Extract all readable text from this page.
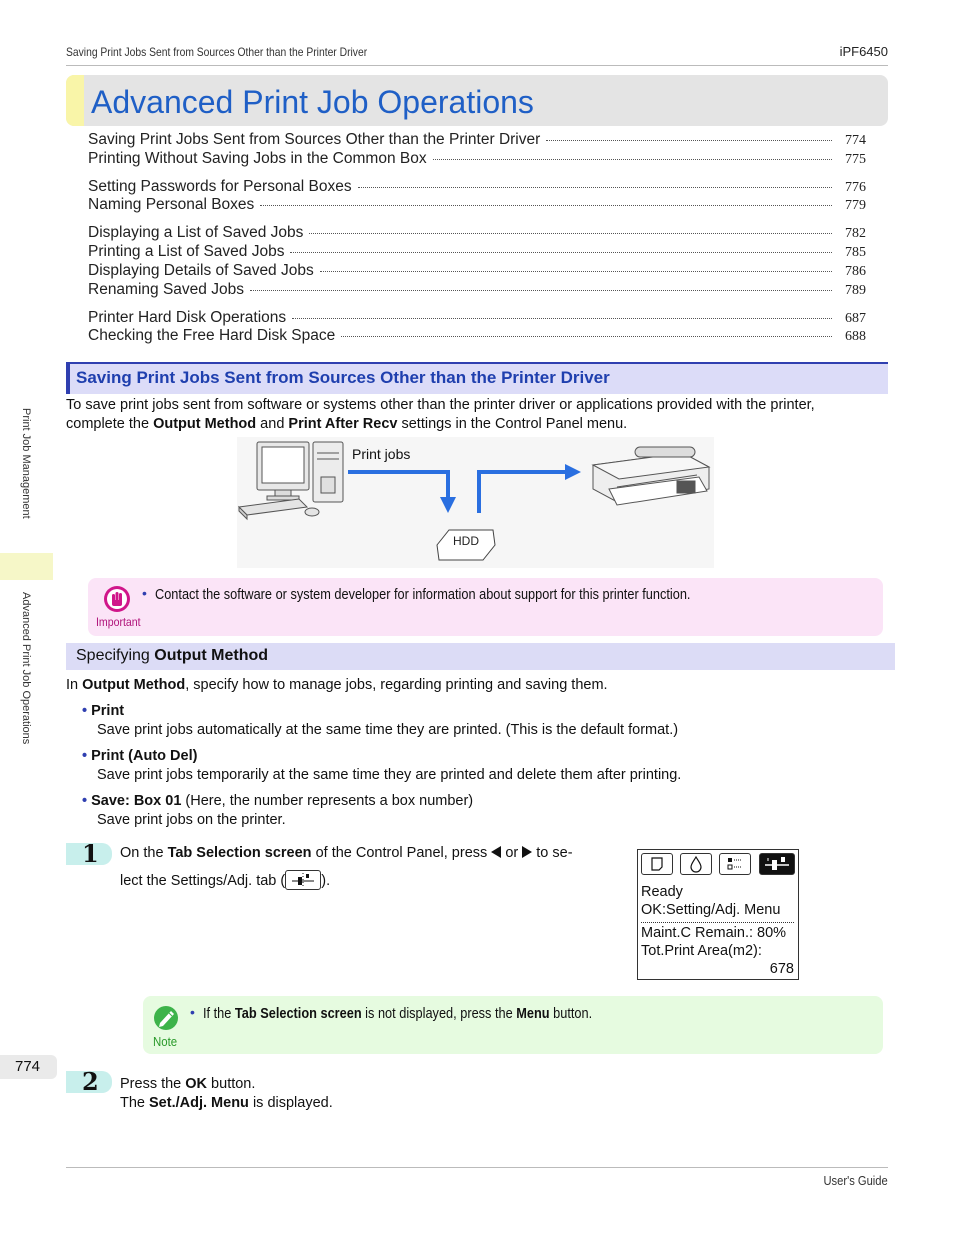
Saving Print Jobs Sent from Sources Other than the Printer Driver	iPF6450
Print Job Management
Advanced Print Job Operations
Advanced Print Job Operations
Saving Print Jobs Sent from Sources Other than the Printer Driver	774
Printing Without Saving Jobs in the Common Box	775
Setting Passwords for Personal Boxes	776
Naming Personal Boxes	779
Displaying a List of Saved Jobs	782
Printing a List of Saved Jobs	785
Displaying Details of Saved Jobs	786
Renaming Saved Jobs	789
Printer Hard Disk Operations	687
Checking the Free Hard Disk Space	688
Saving Print Jobs Sent from Sources Other than the Printer Driver
To save print jobs sent from software or systems other than the printer driver or applications provided with the printer,
complete the Output Method and Print After Recv settings in the Control Panel menu.
Print jobs
HDD
Important
• Contact the software or system developer for information about support for this printer function.
Specifying Output Method
In Output Method, specify how to manage jobs, regarding printing and saving them.
• Print
Save print jobs automatically at the same time they are printed. (This is the default format.)
• Print (Auto Del)
Save print jobs temporarily at the same time they are printed and delete them after printing.
• Save: Box 01 (Here, the number represents a box number)
Save print jobs on the printer.
1 On the Tab Selection screen of the Control Panel, press  or  to se-
lect the Settings/Adj. tab ( ).
Ready
OK:Setting/Adj. Menu
Maint.C Remain.: 80%
Tot.Print Area(m2):
678
Note
• If the Tab Selection screen is not displayed, press the Menu button.
774
2 Press the OK button.
The Set./Adj. Menu is displayed.
User's Guide
